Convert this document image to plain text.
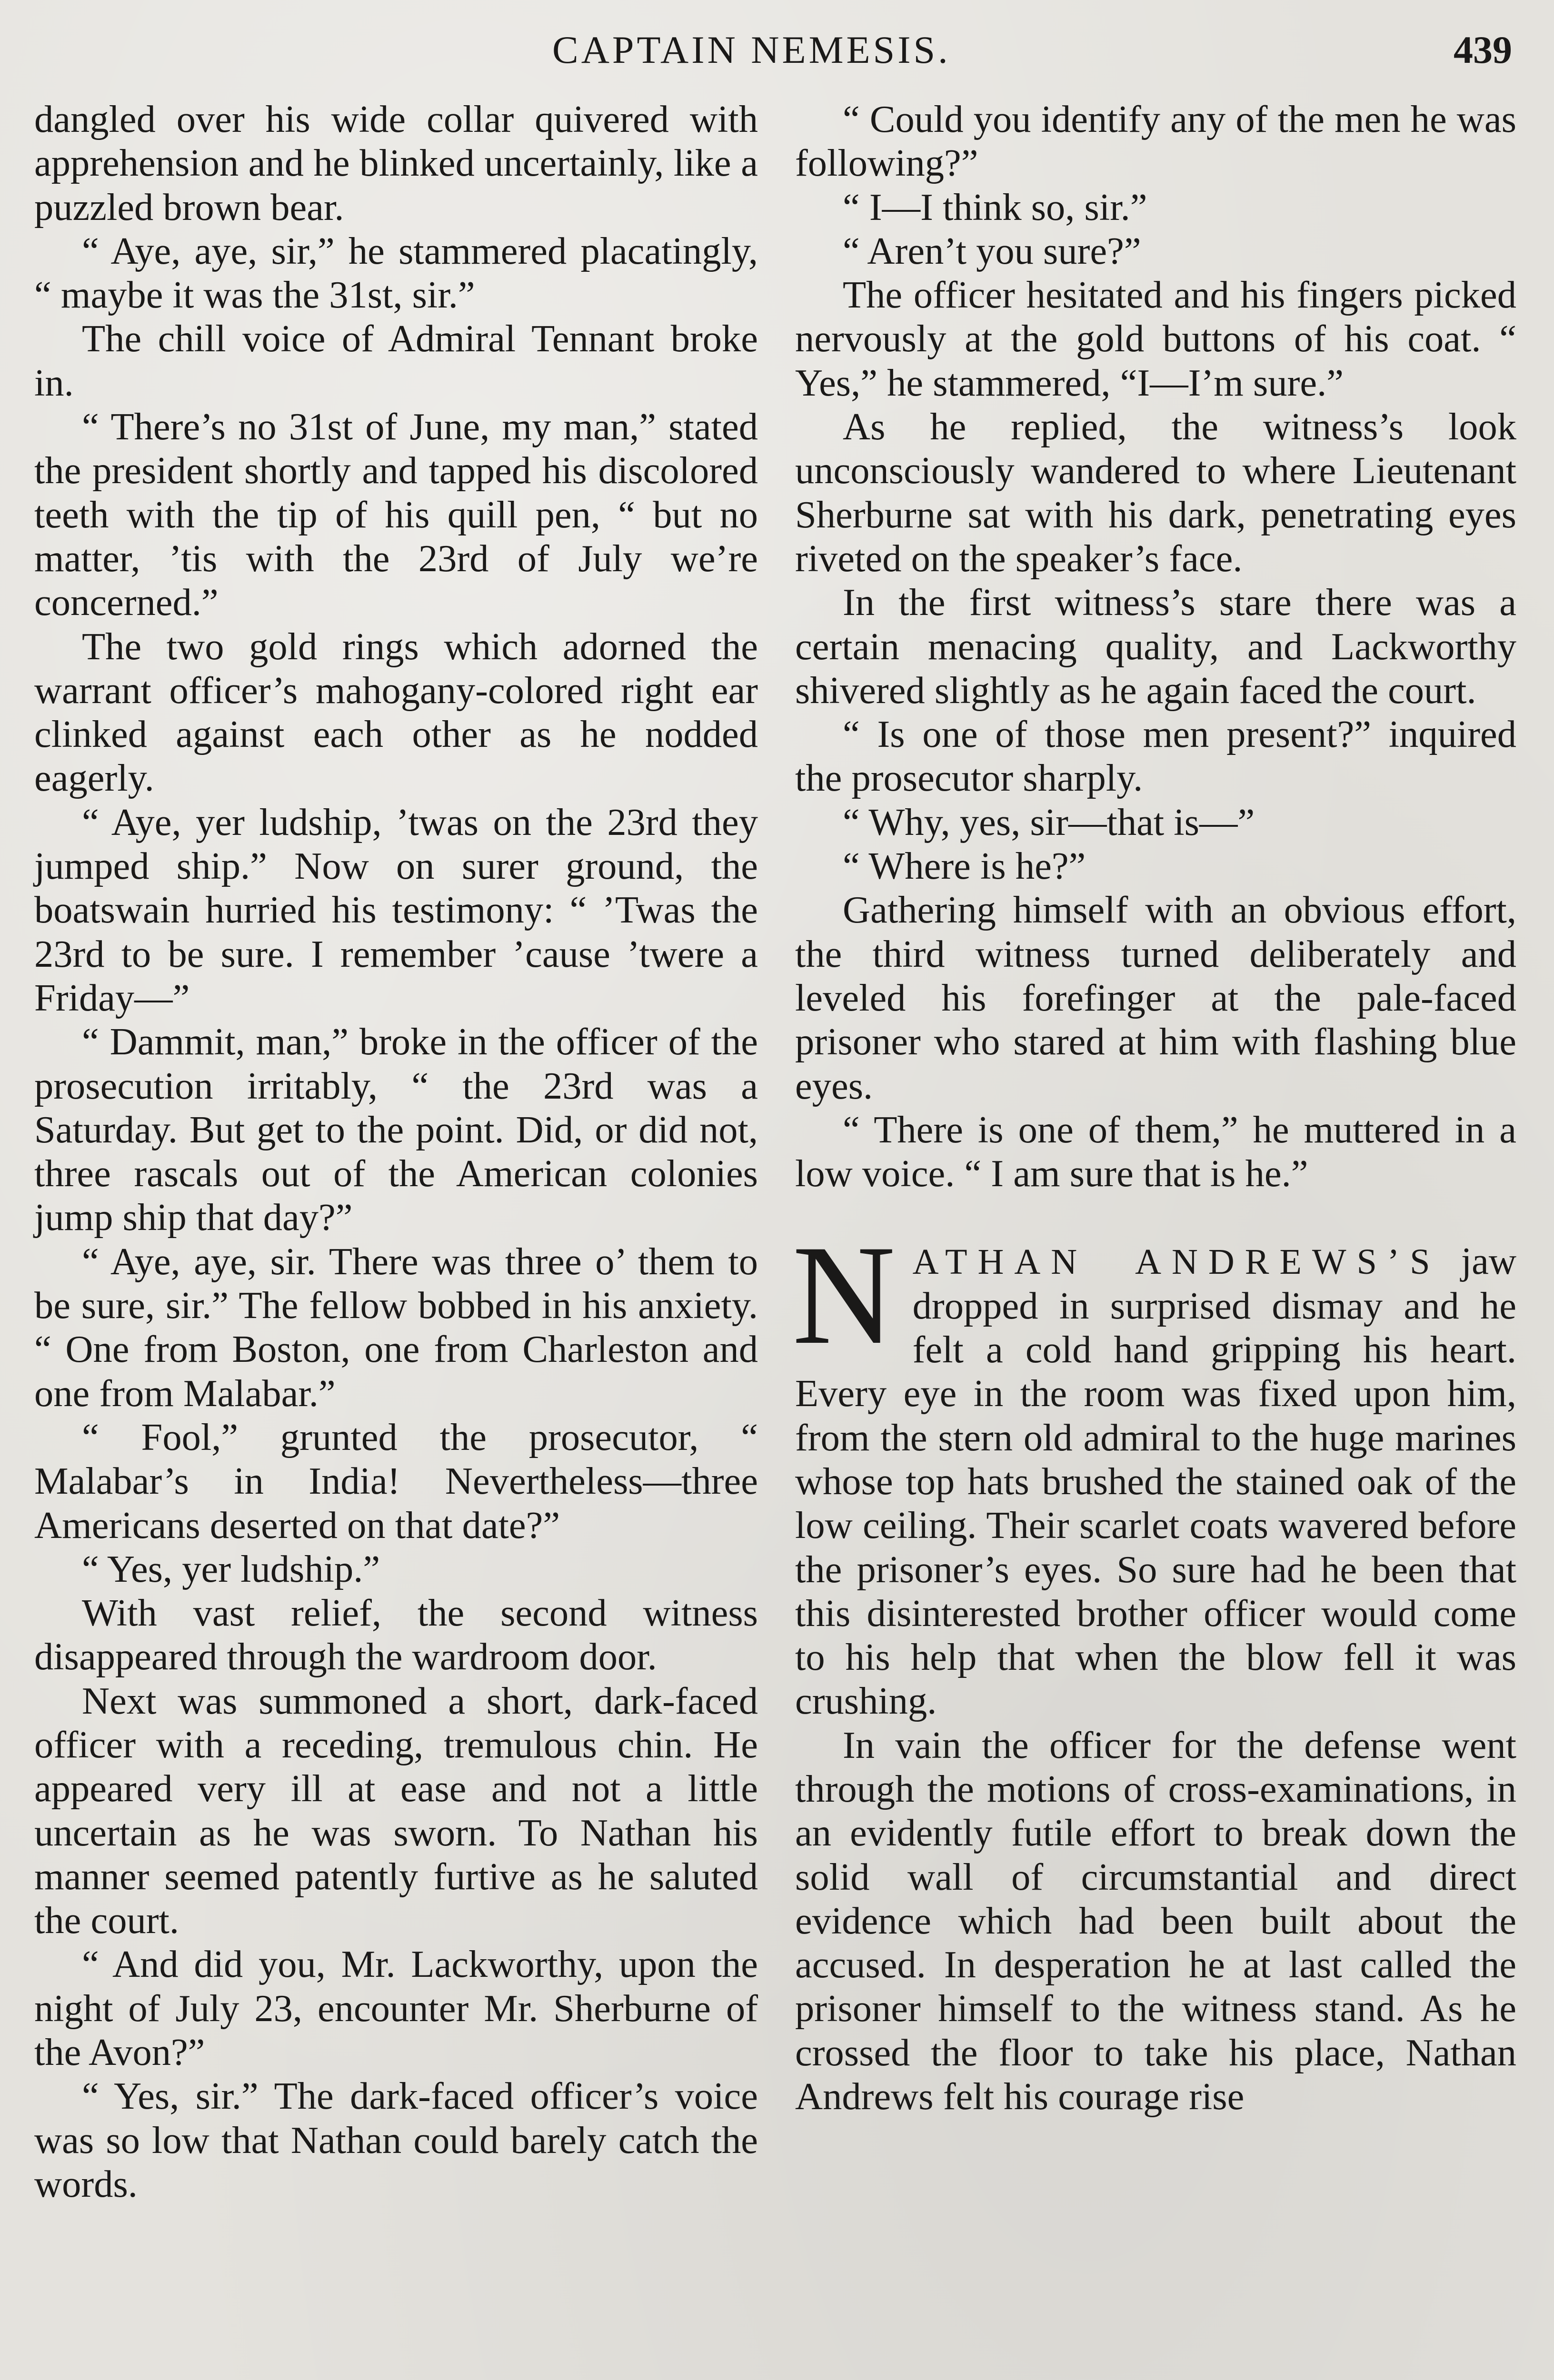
CAPTAIN NEMESIS.	439

dangled over his wide collar quivered with apprehension and he blinked uncertainly, like a puzzled brown bear.

“ Aye, aye, sir,” he stammered placatingly, “ maybe it was the 31st, sir.”

The chill voice of Admiral Tennant broke in.

“ There’s no 31st of June, my man,” stated the president shortly and tapped his discolored teeth with the tip of his quill pen, “ but no matter, ’tis with the 23rd of July we’re concerned.”

The two gold rings which adorned the warrant officer’s mahogany-colored right ear clinked against each other as he nodded eagerly.

“ Aye, yer ludship, ’twas on the 23rd they jumped ship.” Now on surer ground, the boatswain hurried his testimony: “ ’Twas the 23rd to be sure. I remember ’cause ’twere a Friday—”

“ Dammit, man,” broke in the officer of the prosecution irritably, “ the 23rd was a Saturday. But get to the point. Did, or did not, three rascals out of the American colonies jump ship that day?”

“ Aye, aye, sir. There was three o’ them to be sure, sir.” The fellow bobbed in his anxiety. “ One from Boston, one from Charleston and one from Malabar.”

“ Fool,” grunted the prosecutor, “ Malabar’s in India! Nevertheless—three Americans deserted on that date?”

“ Yes, yer ludship.”

With vast relief, the second witness disappeared through the wardroom door.

Next was summoned a short, dark-faced officer with a receding, tremulous chin. He appeared very ill at ease and not a little uncertain as he was sworn. To Nathan his manner seemed patently furtive as he saluted the court.

“ And did you, Mr. Lackworthy, upon the night of July 23, encounter Mr. Sherburne of the Avon?”

“ Yes, sir.” The dark-faced officer’s voice was so low that Nathan could barely catch the words.

“ Could you identify any of the men he was following?”

“ I—I think so, sir.”

“ Aren’t you sure?”

The officer hesitated and his fingers picked nervously at the gold buttons of his coat. “ Yes,” he stammered, “I—I’m sure.”

As he replied, the witness’s look unconsciously wandered to where Lieutenant Sherburne sat with his dark, penetrating eyes riveted on the speaker’s face.

In the first witness’s stare there was a certain menacing quality, and Lackworthy shivered slightly as he again faced the court.

“ Is one of those men present?” inquired the prosecutor sharply.

“ Why, yes, sir—that is—”

“ Where is he?”

Gathering himself with an obvious effort, the third witness turned deliberately and leveled his forefinger at the pale-faced prisoner who stared at him with flashing blue eyes.

“ There is one of them,” he muttered in a low voice. “ I am sure that is he.”

NATHAN ANDREWS’S jaw dropped in surprised dismay and he felt a cold hand gripping his heart. Every eye in the room was fixed upon him, from the stern old admiral to the huge marines whose top hats brushed the stained oak of the low ceiling. Their scarlet coats wavered before the prisoner’s eyes. So sure had he been that this disinterested brother officer would come to his help that when the blow fell it was crushing.

In vain the officer for the defense went through the motions of cross-examinations, in an evidently futile effort to break down the solid wall of circumstantial and direct evidence which had been built about the accused. In desperation he at last called the prisoner himself to the witness stand. As he crossed the floor to take his place, Nathan Andrews felt his courage rise
